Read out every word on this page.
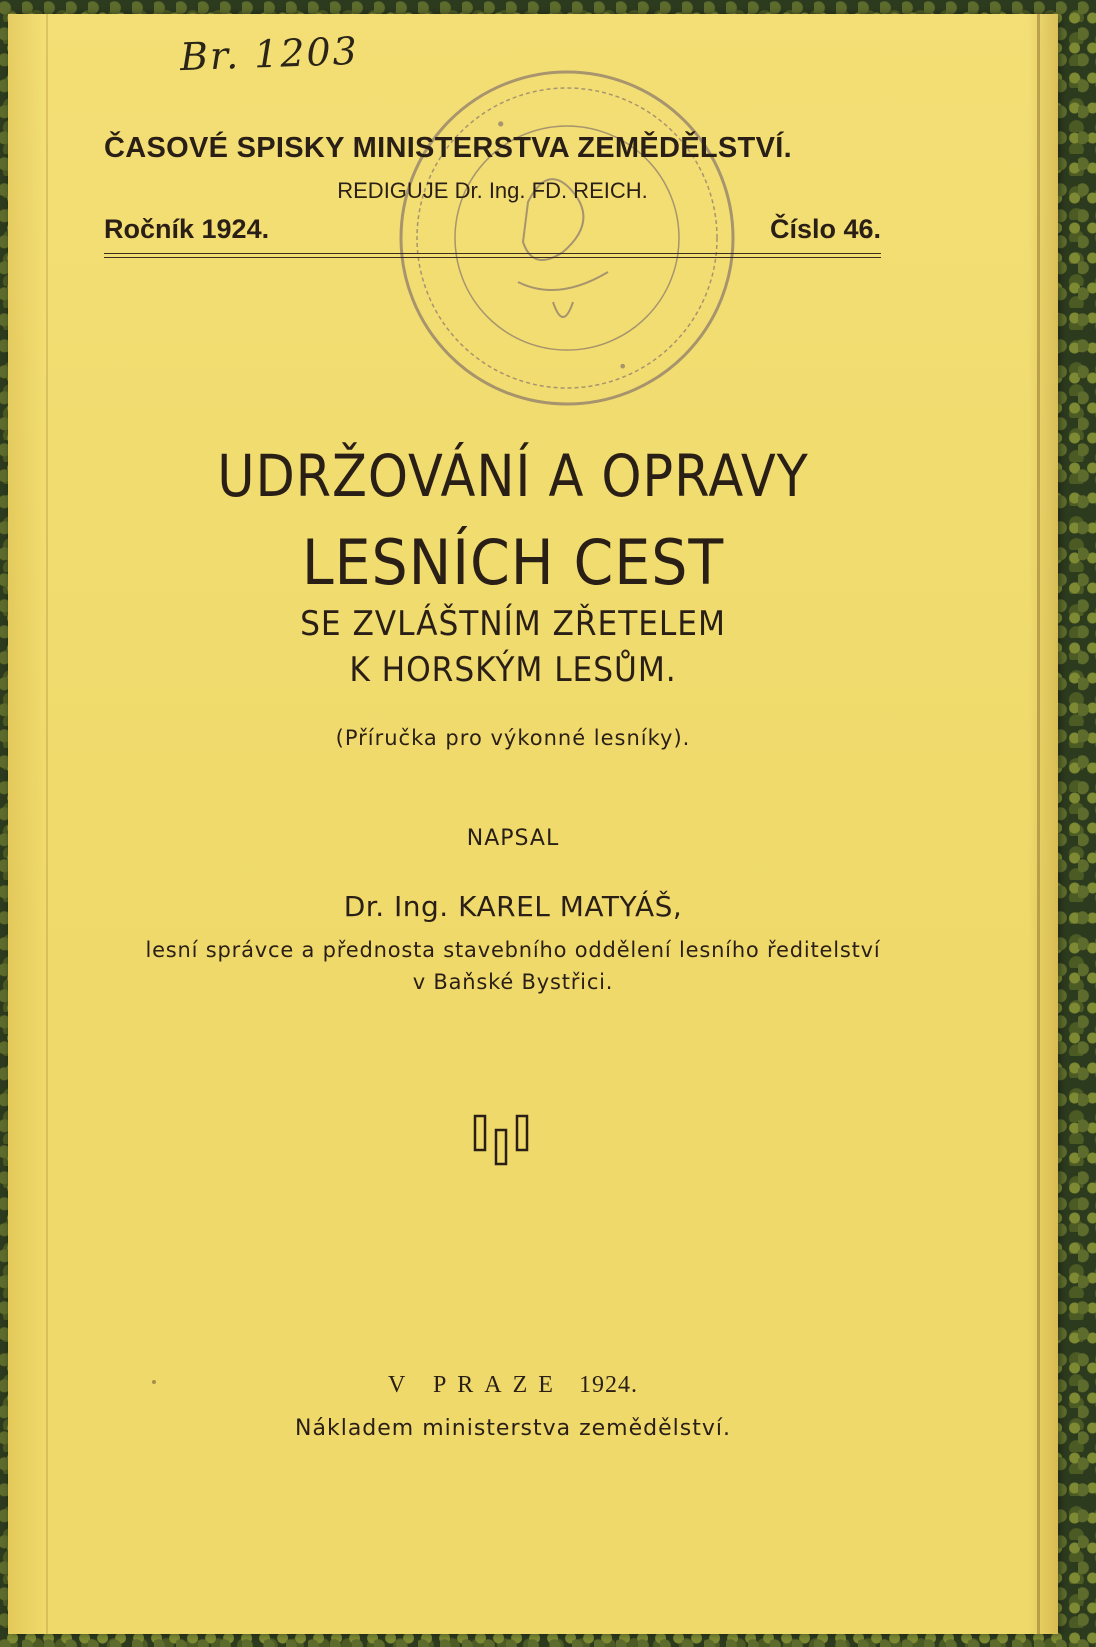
Br. 1203
•
•
ČASOVÉ SPISKY MINISTERSTVA ZEMĚDĚLSTVÍ.
REDIGUJE Dr. Ing. FD. REICH.
Ročník 1924.	Číslo 46.
UDRŽOVÁNÍ A OPRAVY
LESNÍCH CEST
SE ZVLÁŠTNÍM ZŘETELEM
K HORSKÝM LESŮM.
(Příručka pro výkonné lesníky).
NAPSAL
Dr. Ing. KAREL MATYÁŠ,
lesní správce a přednosta stavebního oddělení lesního ředitelství
v Baňské Bystřici.
V PRAZE 1924.
Nákladem ministerstva zemědělství.
